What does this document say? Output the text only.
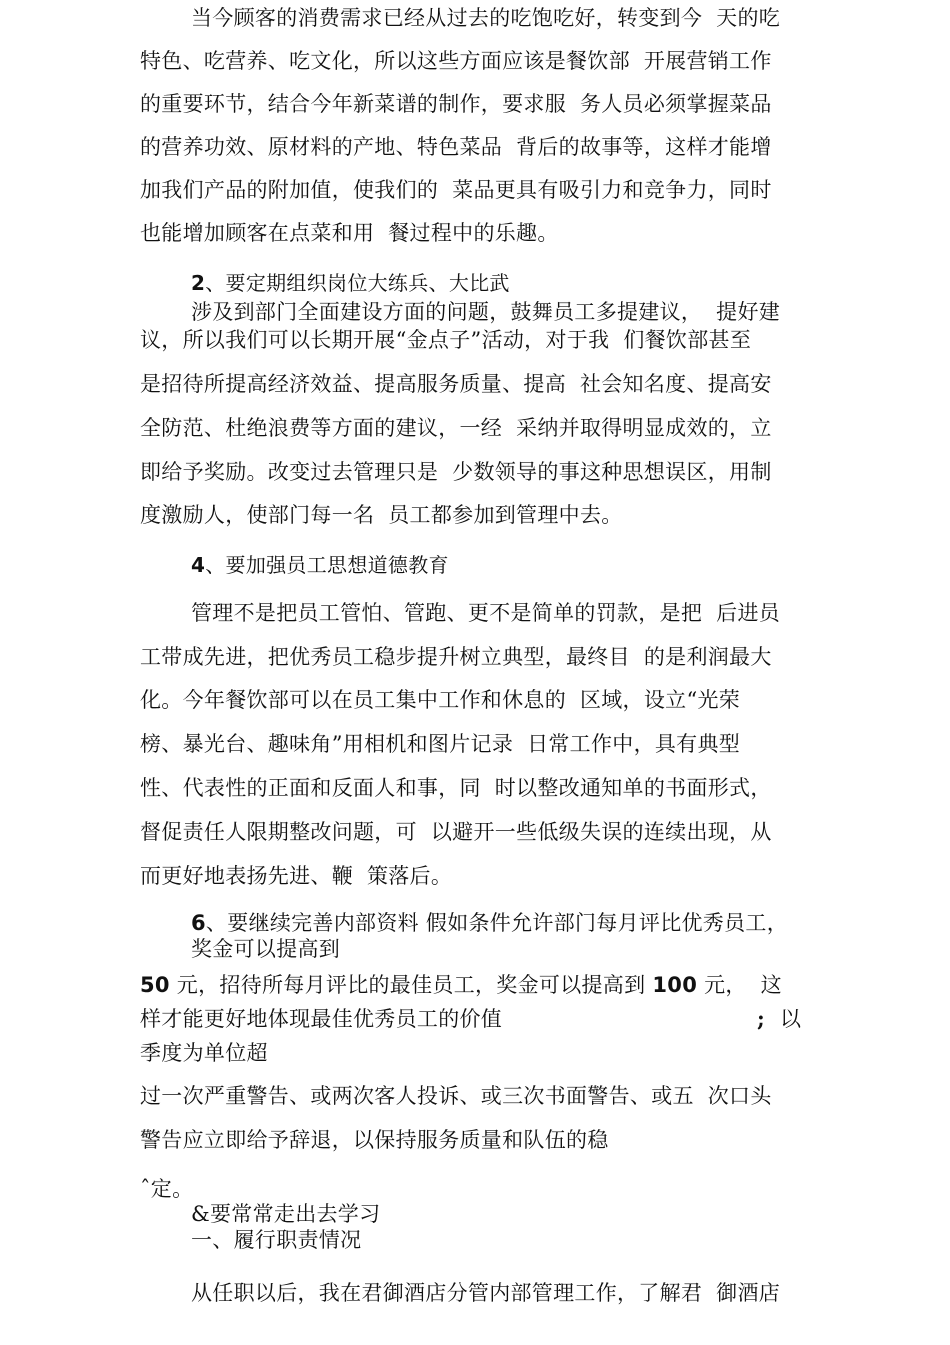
当今顾客的消费需求已经从过去的吃饱吃好，转变到今  天的吃
特色、吃营养、吃文化，所以这些方面应该是餐饮部  开展营销工作
的重要环节，结合今年新菜谱的制作，要求服  务人员必须掌握菜品
的营养功效、原材料的产地、特色菜品  背后的故事等，这样才能增
加我们产品的附加值，使我们的  菜品更具有吸引力和竞争力，同时
也能增加顾客在点菜和用  餐过程中的乐趣。
2、要定期组织岗位大练兵、大比武
涉及到部门全面建设方面的问题，鼓舞员工多提建议，  提好建
议，所以我们可以长期开展“金点子”活动，对于我  们餐饮部甚至
是招待所提高经济效益、提高服务质量、提高  社会知名度、提高安
全防范、杜绝浪费等方面的建议，一经  采纳并取得明显成效的，立
即给予奖励。改变过去管理只是  少数领导的事这种思想误区，用制
度激励人，使部门每一名  员工都参加到管理中去。
4、要加强员工思想道德教育
管理不是把员工管怕、管跑、更不是简单的罚款，是把  后进员
工带成先进，把优秀员工稳步提升树立典型，最终目  的是利润最大
化。今年餐饮部可以在员工集中工作和休息的  区域，设立“光荣
榜、暴光台、趣味角”用相机和图片记录  日常工作中，具有典型
性、代表性的正面和反面人和事，同  时以整改通知单的书面形式，
督促责任人限期整改问题，可  以避开一些低级失误的连续出现，从
而更好地表扬先进、鞭  策落后。
6、要继续完善内部资料 假如条件允许部门每月评比优秀员工，
奖金可以提高到
50 元，招待所每月评比的最佳员工，奖金可以提高到 100 元，  这
样才能更好地体现最佳优秀员工的价值	; 以
季度为单位超
过一次严重警告、或两次客人投诉、或三次书面警告、或五  次口头
警告应立即给予辞退，以保持服务质量和队伍的稳
ˆ定。
&要常常走出去学习
一、履行职责情况
从任职以后，我在君御酒店分管内部管理工作，了解君  御酒店
